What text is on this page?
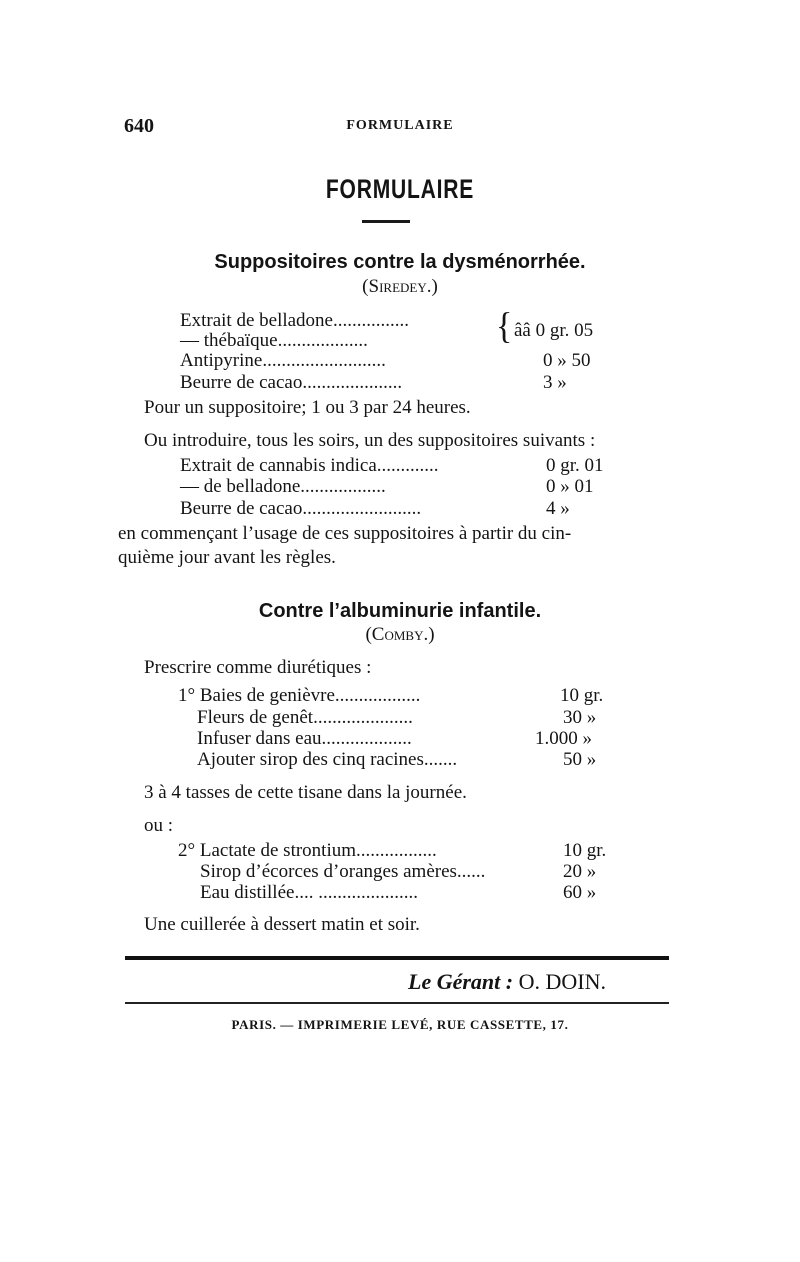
640	FORMULAIRE
FORMULAIRE
Suppositoires contre la dysménorrhée.
(Siredey.)
Extrait de belladone................
— thébaïque...................	{ ââ 0 gr. 05
Antipyrine..........................	0 » 50
Beurre de cacao.....................	3 »
Pour un suppositoire; 1 ou 3 par 24 heures.
Ou introduire, tous les soirs, un des suppositoires suivants :
Extrait de cannabis indica.............	0 gr. 01
— de belladone..................	0 » 01
Beurre de cacao.........................	4 »
en commençant l’usage de ces suppositoires à partir du cin-
quième jour avant les règles.
Contre l’albuminurie infantile.
(Comby.)
Prescrire comme diurétiques :
1° Baies de genièvre..................	10 gr.
Fleurs de genêt.....................	30 »
Infuser dans eau...................	1.000 »
Ajouter sirop des cinq racines.......	50 »
3 à 4 tasses de cette tisane dans la journée.
ou :
2° Lactate de strontium.................	10 gr.
Sirop d’écorces d’oranges amères......	20 »
Eau distillée.... .....................	60 »
Une cuillerée à dessert matin et soir.
Le Gérant : O. DOIN.
PARIS. — IMPRIMERIE LEVÉ, RUE CASSETTE, 17.
